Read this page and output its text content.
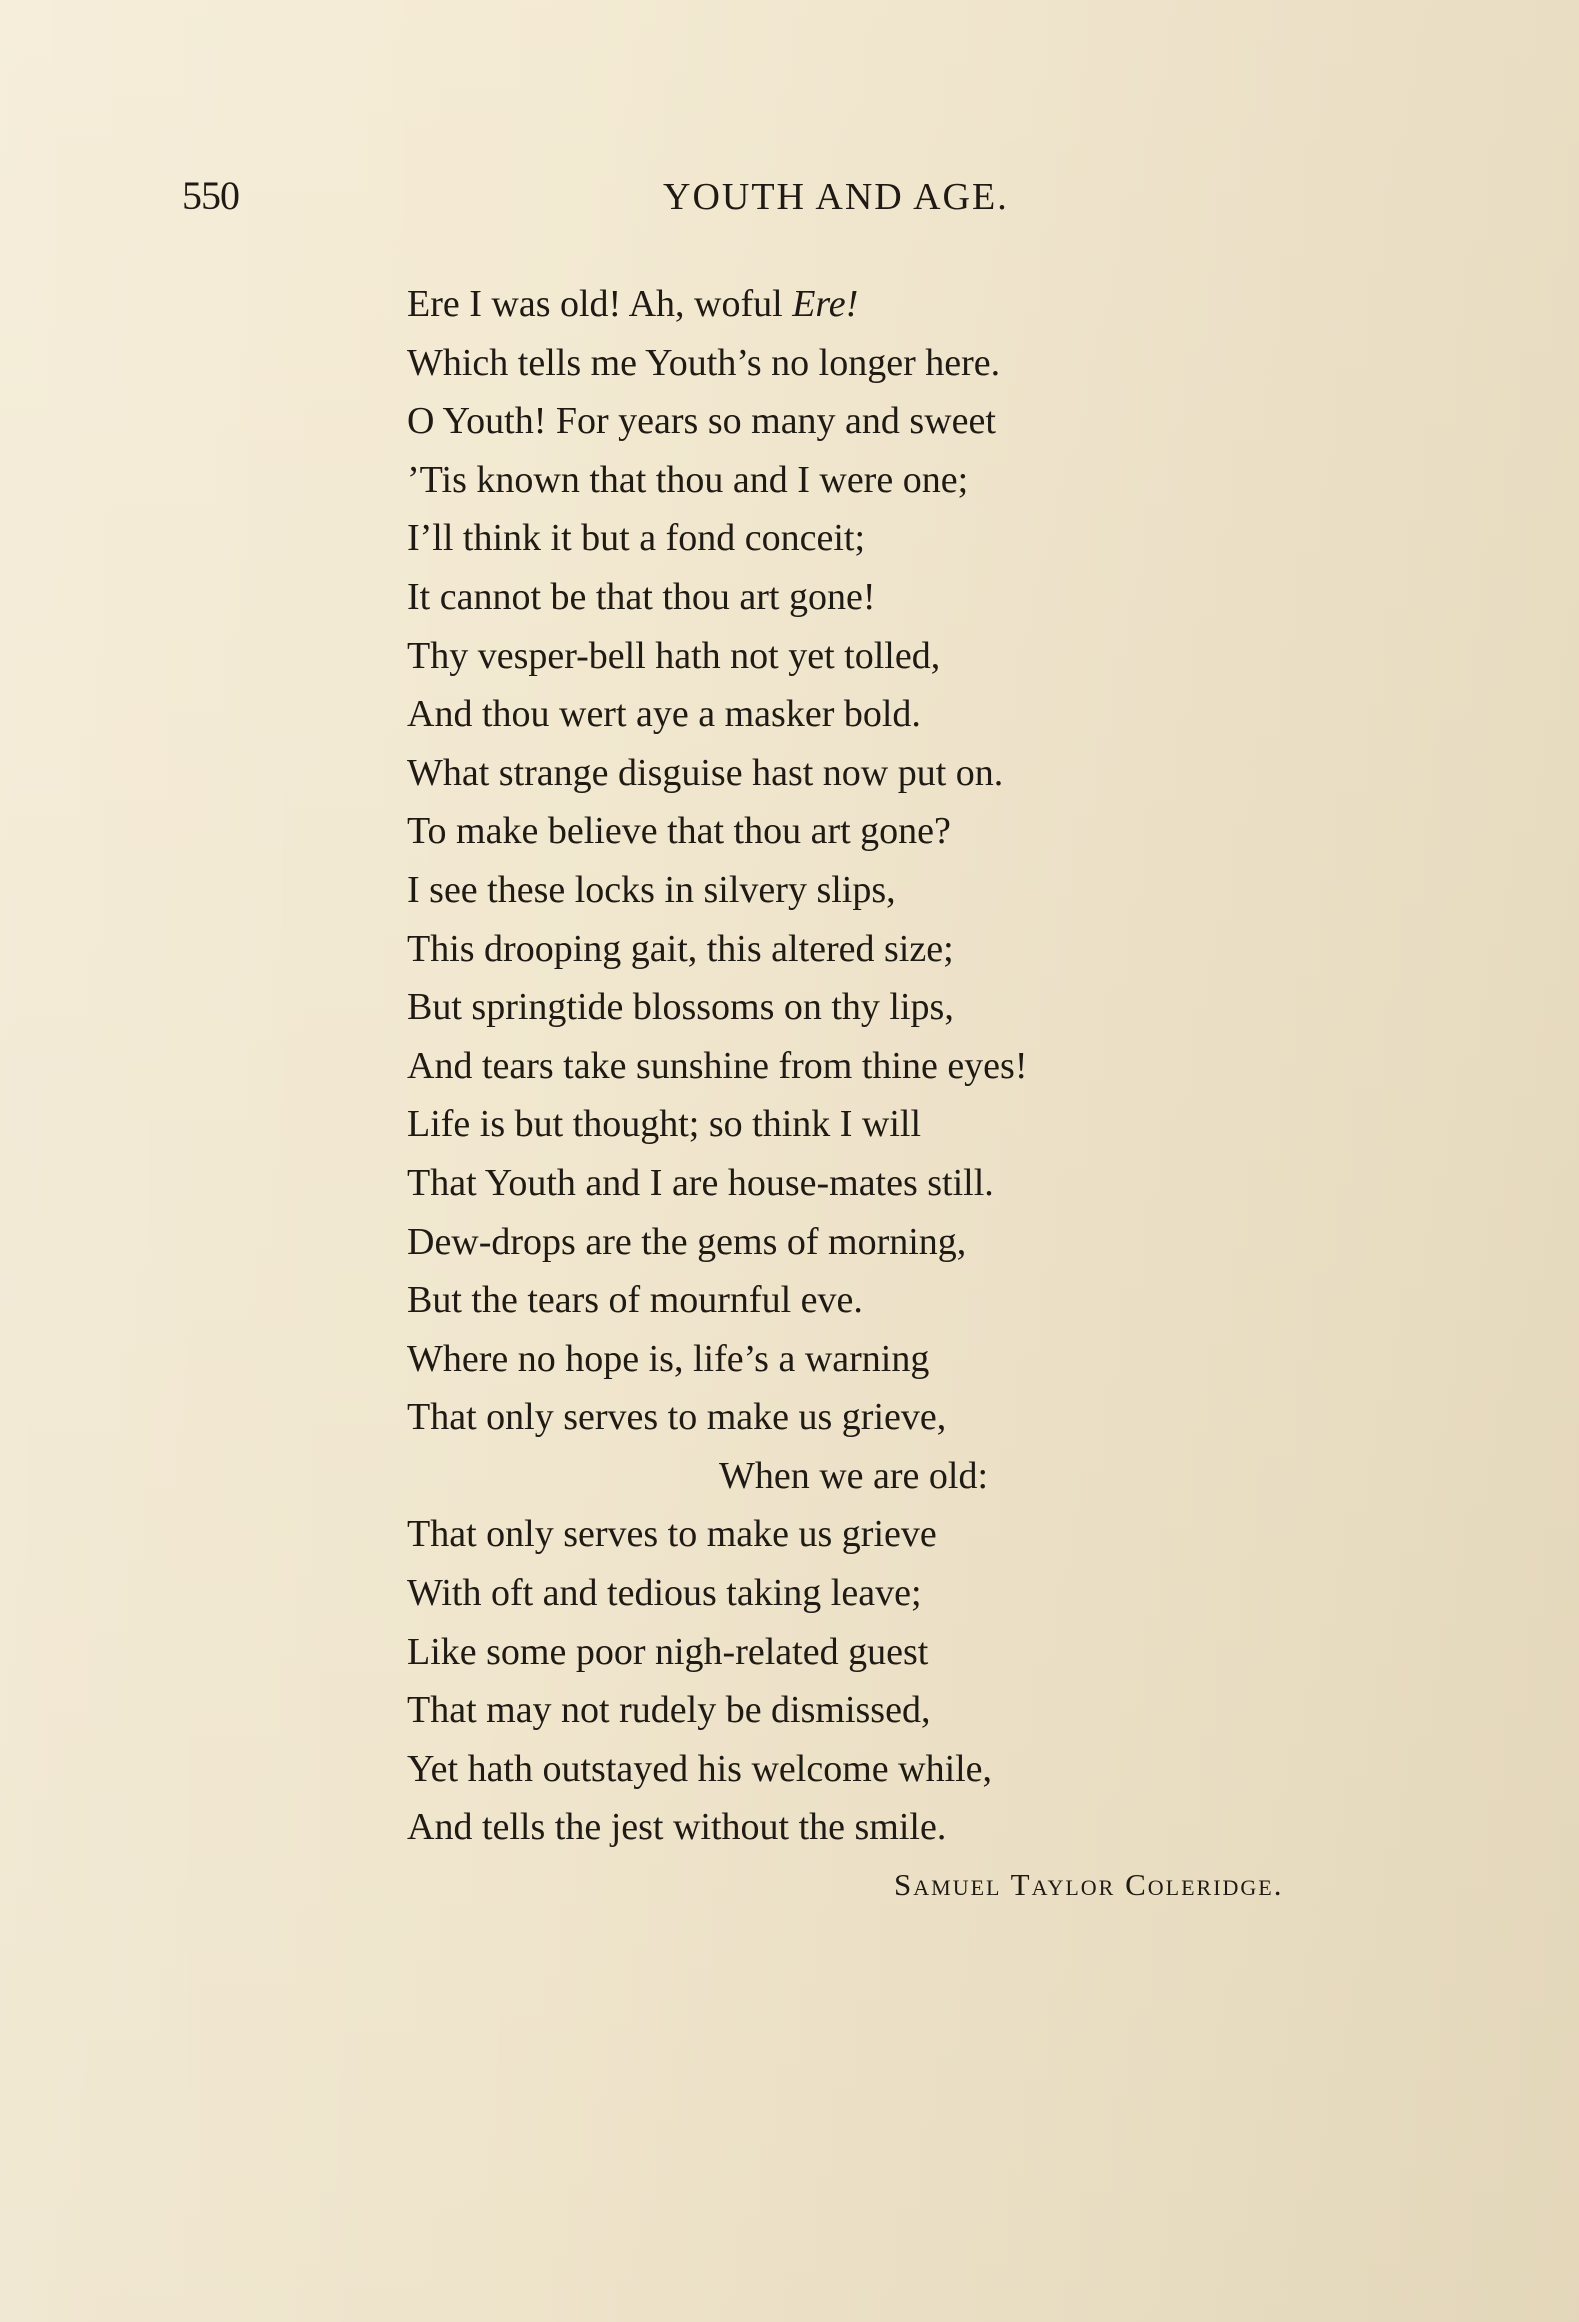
550	YOUTH AND AGE.
Ere I was old! Ah, woful Ere!
Which tells me Youth’s no longer here.
O Youth! For years so many and sweet
’Tis known that thou and I were one;
I’ll think it but a fond conceit;
It cannot be that thou art gone!
Thy vesper-bell hath not yet tolled,
And thou wert aye a masker bold.
What strange disguise hast now put on.
To make believe that thou art gone?
I see these locks in silvery slips,
This drooping gait, this altered size;
But springtide blossoms on thy lips,
And tears take sunshine from thine eyes!
Life is but thought; so think I will
That Youth and I are house-mates still.
Dew-drops are the gems of morning,
But the tears of mournful eve.
Where no hope is, life’s a warning
That only serves to make us grieve,
When we are old:
That only serves to make us grieve
With oft and tedious taking leave;
Like some poor nigh-related guest
That may not rudely be dismissed,
Yet hath outstayed his welcome while,
And tells the jest without the smile.
Samuel Taylor Coleridge.
